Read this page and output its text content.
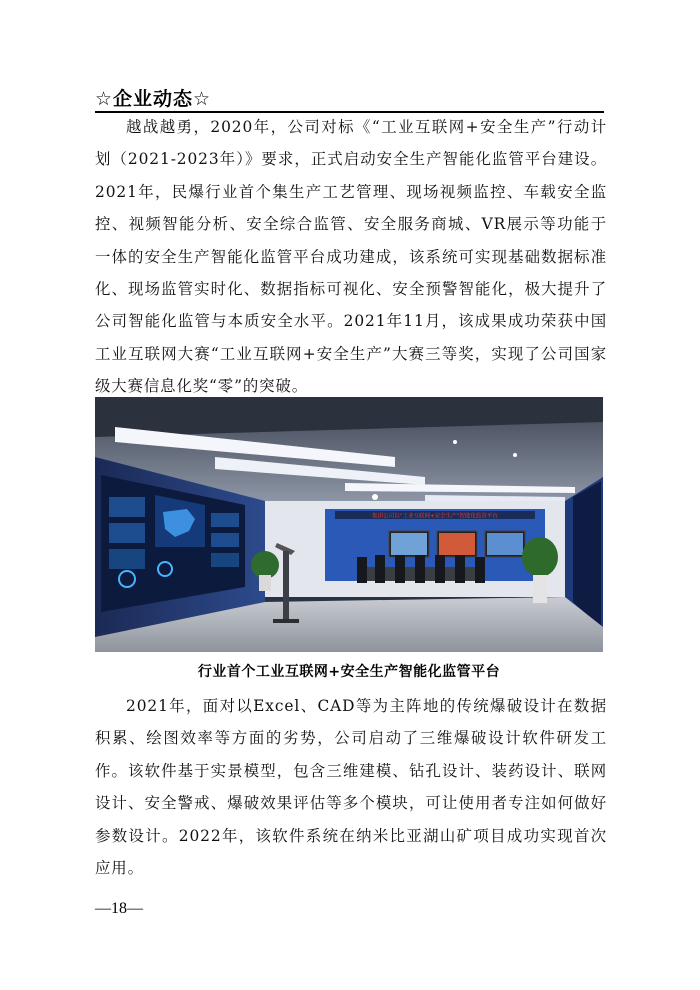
☆企业动态☆

越战越勇，2020年，公司对标《“工业互联网+安全生产”行动计划（2021-2023年）》要求，正式启动安全生产智能化监管平台建设。2021年，民爆行业首个集生产工艺管理、现场视频监控、车载安全监控、视频智能分析、安全综合监管、安全服务商城、VR展示等功能于一体的安全生产智能化监管平台成功建成，该系统可实现基础数据标准化、现场监管实时化、数据指标可视化、安全预警智能化，极大提升了公司智能化监管与本质安全水平。2021年11月，该成果成功荣获中国工业互联网大赛“工业互联网+安全生产”大赛三等奖，实现了公司国家级大赛信息化奖“零”的突破。

集团公司以“工业互联网+安全生产”智能化监管平台
行业首个工业互联网+安全生产智能化监管平台

2021年，面对以Excel、CAD等为主阵地的传统爆破设计在数据积累、绘图效率等方面的劣势，公司启动了三维爆破设计软件研发工作。该软件基于实景模型，包含三维建模、钻孔设计、装药设计、联网设计、安全警戒、爆破效果评估等多个模块，可让使用者专注如何做好参数设计。2022年，该软件系统在纳米比亚湖山矿项目成功实现首次应用。

—18—
